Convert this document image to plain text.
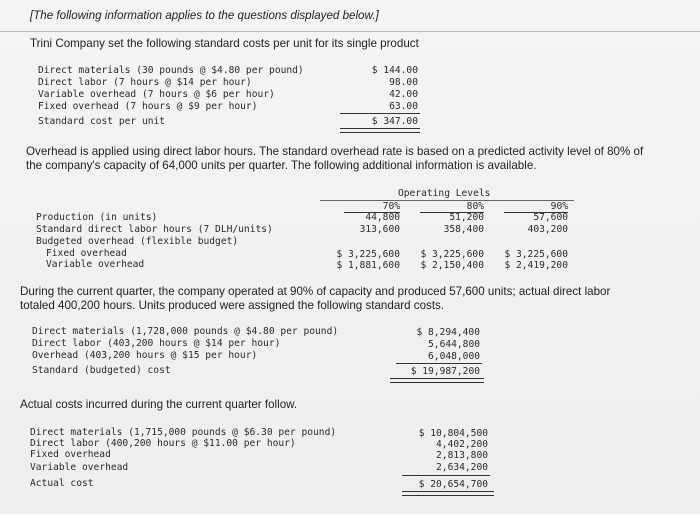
[The following information applies to the questions displayed below.]
Trini Company set the following standard costs per unit for its single product
Direct materials (30 pounds @ $4.80 per pound)	$ 144.00
Direct labor (7 hours @ $14 per hour)	98.00
Variable overhead (7 hours @ $6 per hour)	42.00
Fixed overhead (7 hours @ $9 per hour)	63.00
Standard cost per unit	$ 347.00
Overhead is applied using direct labor hours. The standard overhead rate is based on a predicted activity level of 80% of
the company's capacity of 64,000 units per quarter. The following additional information is available.
Operating Levels
70%	80%	90%
Production (in units)	44,800	51,200	57,600
Standard direct labor hours (7 DLH/units)	313,600	358,400	403,200
Budgeted overhead (flexible budget)
Fixed overhead	$ 3,225,600	$ 3,225,600	$ 3,225,600
Variable overhead	$ 1,881,600	$ 2,150,400	$ 2,419,200
During the current quarter, the company operated at 90% of capacity and produced 57,600 units; actual direct labor
totaled 400,200 hours. Units produced were assigned the following standard costs.
Direct materials (1,728,000 pounds @ $4.80 per pound)	$ 8,294,400
Direct labor (403,200 hours @ $14 per hour)	5,644,800
Overhead (403,200 hours @ $15 per hour)	6,048,000
Standard (budgeted) cost	$ 19,987,200
Actual costs incurred during the current quarter follow.
Direct materials (1,715,000 pounds @ $6.30 per pound)	$ 10,804,500
Direct labor (400,200 hours @ $11.00 per hour)	4,402,200
Fixed overhead	2,813,800
Variable overhead	2,634,200
Actual cost	$ 20,654,700
